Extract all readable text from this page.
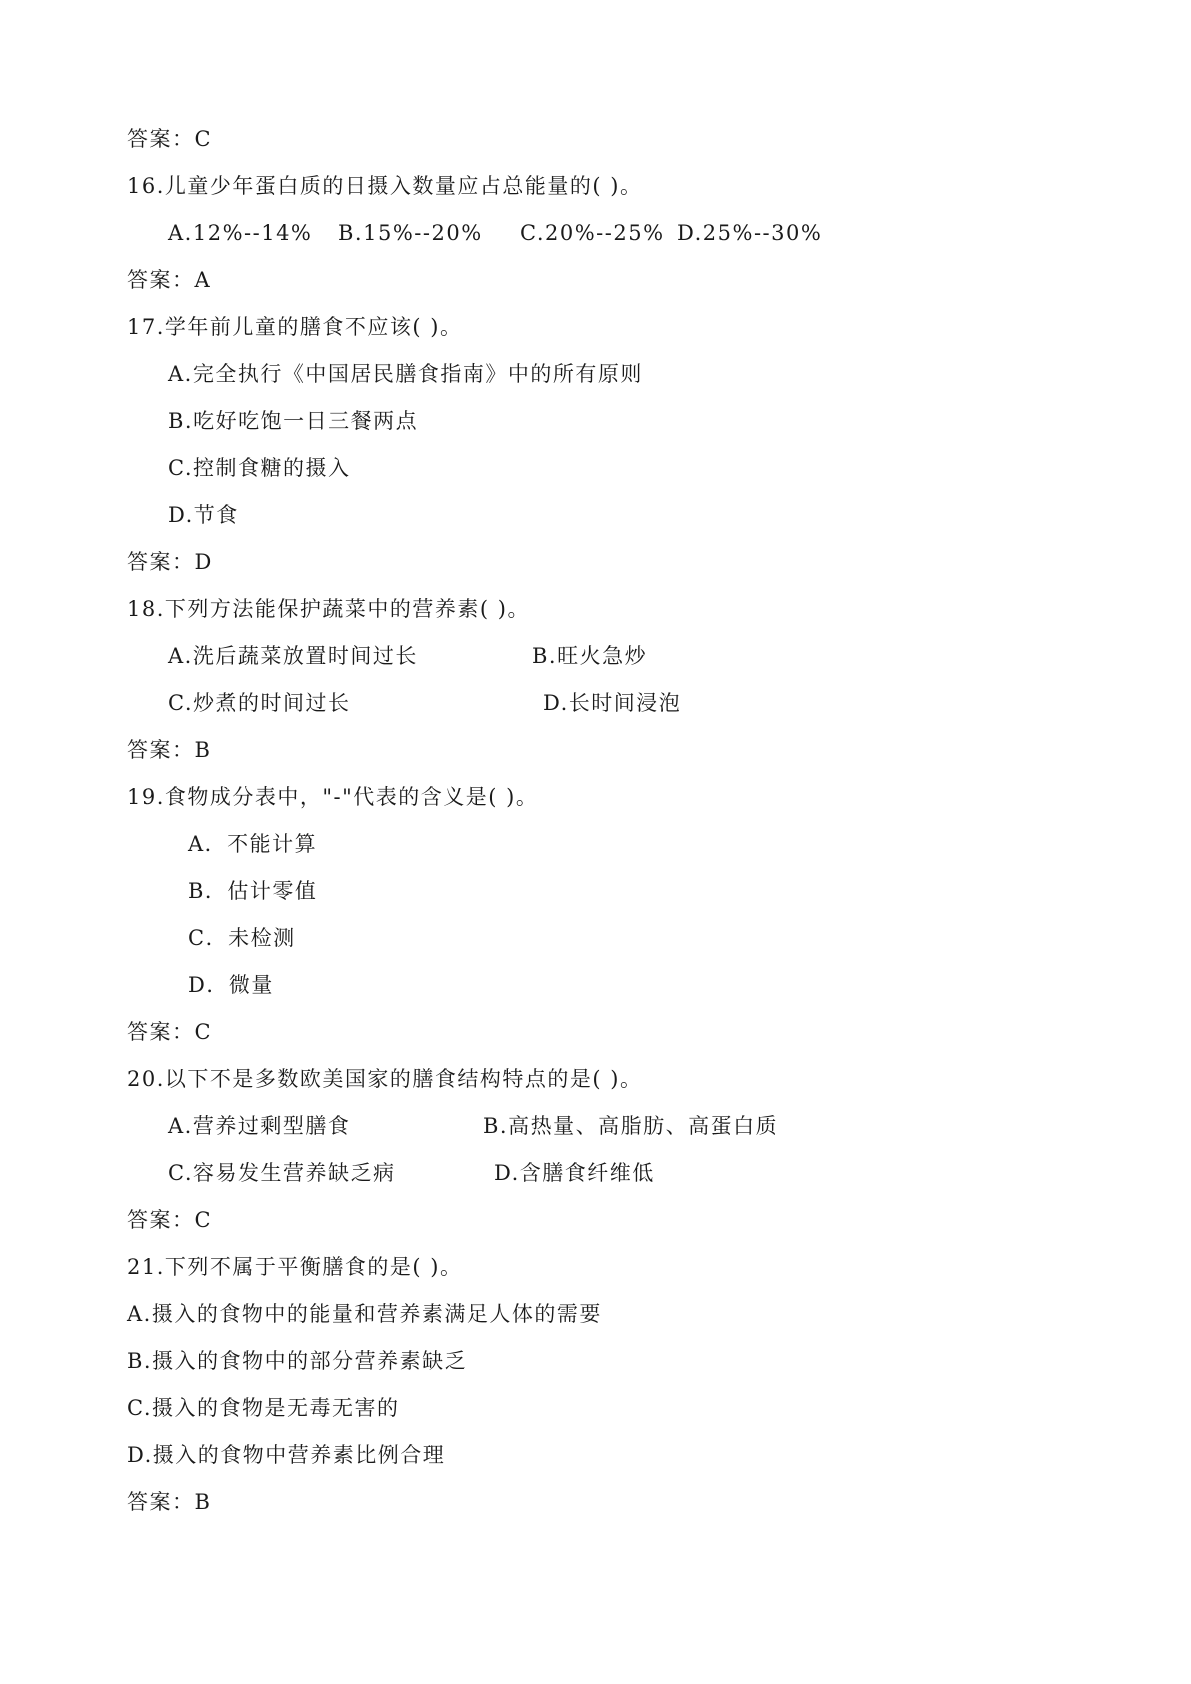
答案：C
16.儿童少年蛋白质的日摄入数量应占总能量的( )。
A.12%--14% B.15%--20% C.20%--25% D.25%--30%
答案：A
17.学年前儿童的膳食不应该( )。
A.完全执行《中国居民膳食指南》中的所有原则
B.吃好吃饱一日三餐两点
C.控制食糖的摄入
D.节食
答案：D
18.下列方法能保护蔬菜中的营养素( )。
A.洗后蔬菜放置时间过长	B.旺火急炒
C.炒煮的时间过长	D.长时间浸泡
答案：B
19.食物成分表中，"-"代表的含义是( )。
A．不能计算
B．估计零值
C．未检测
D．微量
答案：C
20.以下不是多数欧美国家的膳食结构特点的是( )。
A.营养过剩型膳食	B.高热量、高脂肪、高蛋白质
C.容易发生营养缺乏病	D.含膳食纤维低
答案：C
21.下列不属于平衡膳食的是( )。
A.摄入的食物中的能量和营养素满足人体的需要
B.摄入的食物中的部分营养素缺乏
C.摄入的食物是无毒无害的
D.摄入的食物中营养素比例合理
答案：B
